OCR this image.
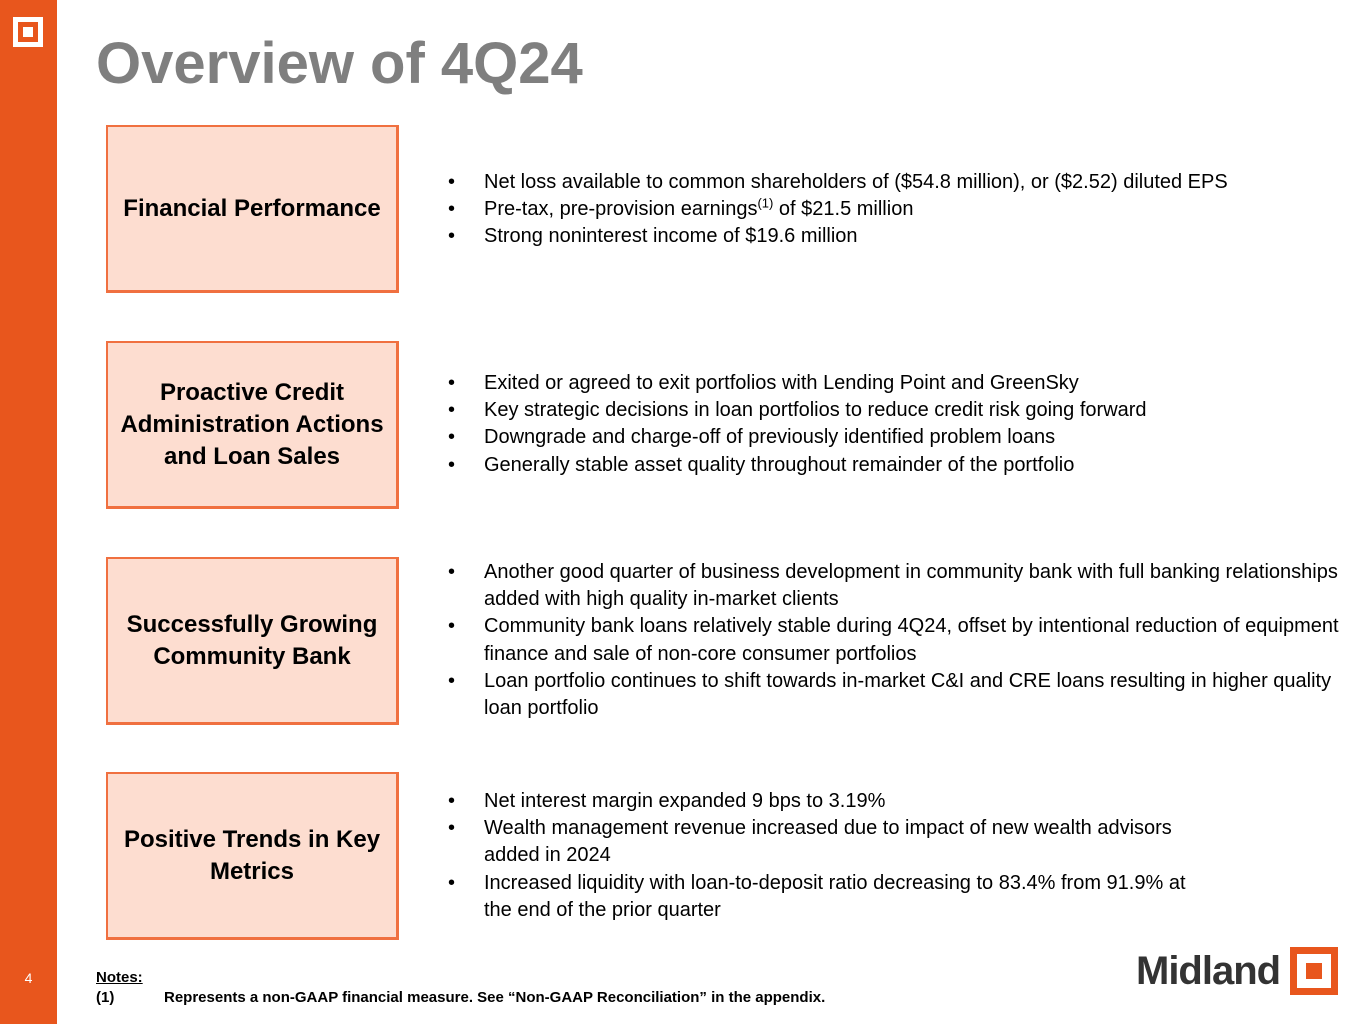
4
Overview of 4Q24
Financial Performance
• Net loss available to common shareholders of ($54.8 million), or ($2.52) diluted EPS
• Pre-tax, pre-provision earnings$^{(1)}$ of $21.5 million
• Strong noninterest income of $19.6 million
Proactive Credit Administration Actions and Loan Sales
• Exited or agreed to exit portfolios with Lending Point and GreenSky
• Key strategic decisions in loan portfolios to reduce credit risk going forward
• Downgrade and charge-off of previously identified problem loans
• Generally stable asset quality throughout remainder of the portfolio
Successfully Growing Community Bank
• Another good quarter of business development in community bank with full banking relationships added with high quality in-market clients
• Community bank loans relatively stable during 4Q24, offset by intentional reduction of equipment finance and sale of non-core consumer portfolios
• Loan portfolio continues to shift towards in-market C&I and CRE loans resulting in higher quality loan portfolio
Positive Trends in Key Metrics
• Net interest margin expanded 9 bps to 3.19%
• Wealth management revenue increased due to impact of new wealth advisors added in 2024
• Increased liquidity with loan-to-deposit ratio decreasing to 83.4% from 91.9% at the end of the prior quarter
Notes:
(1)	Represents a non-GAAP financial measure. See “Non-GAAP Reconciliation” in the appendix.
Midland
